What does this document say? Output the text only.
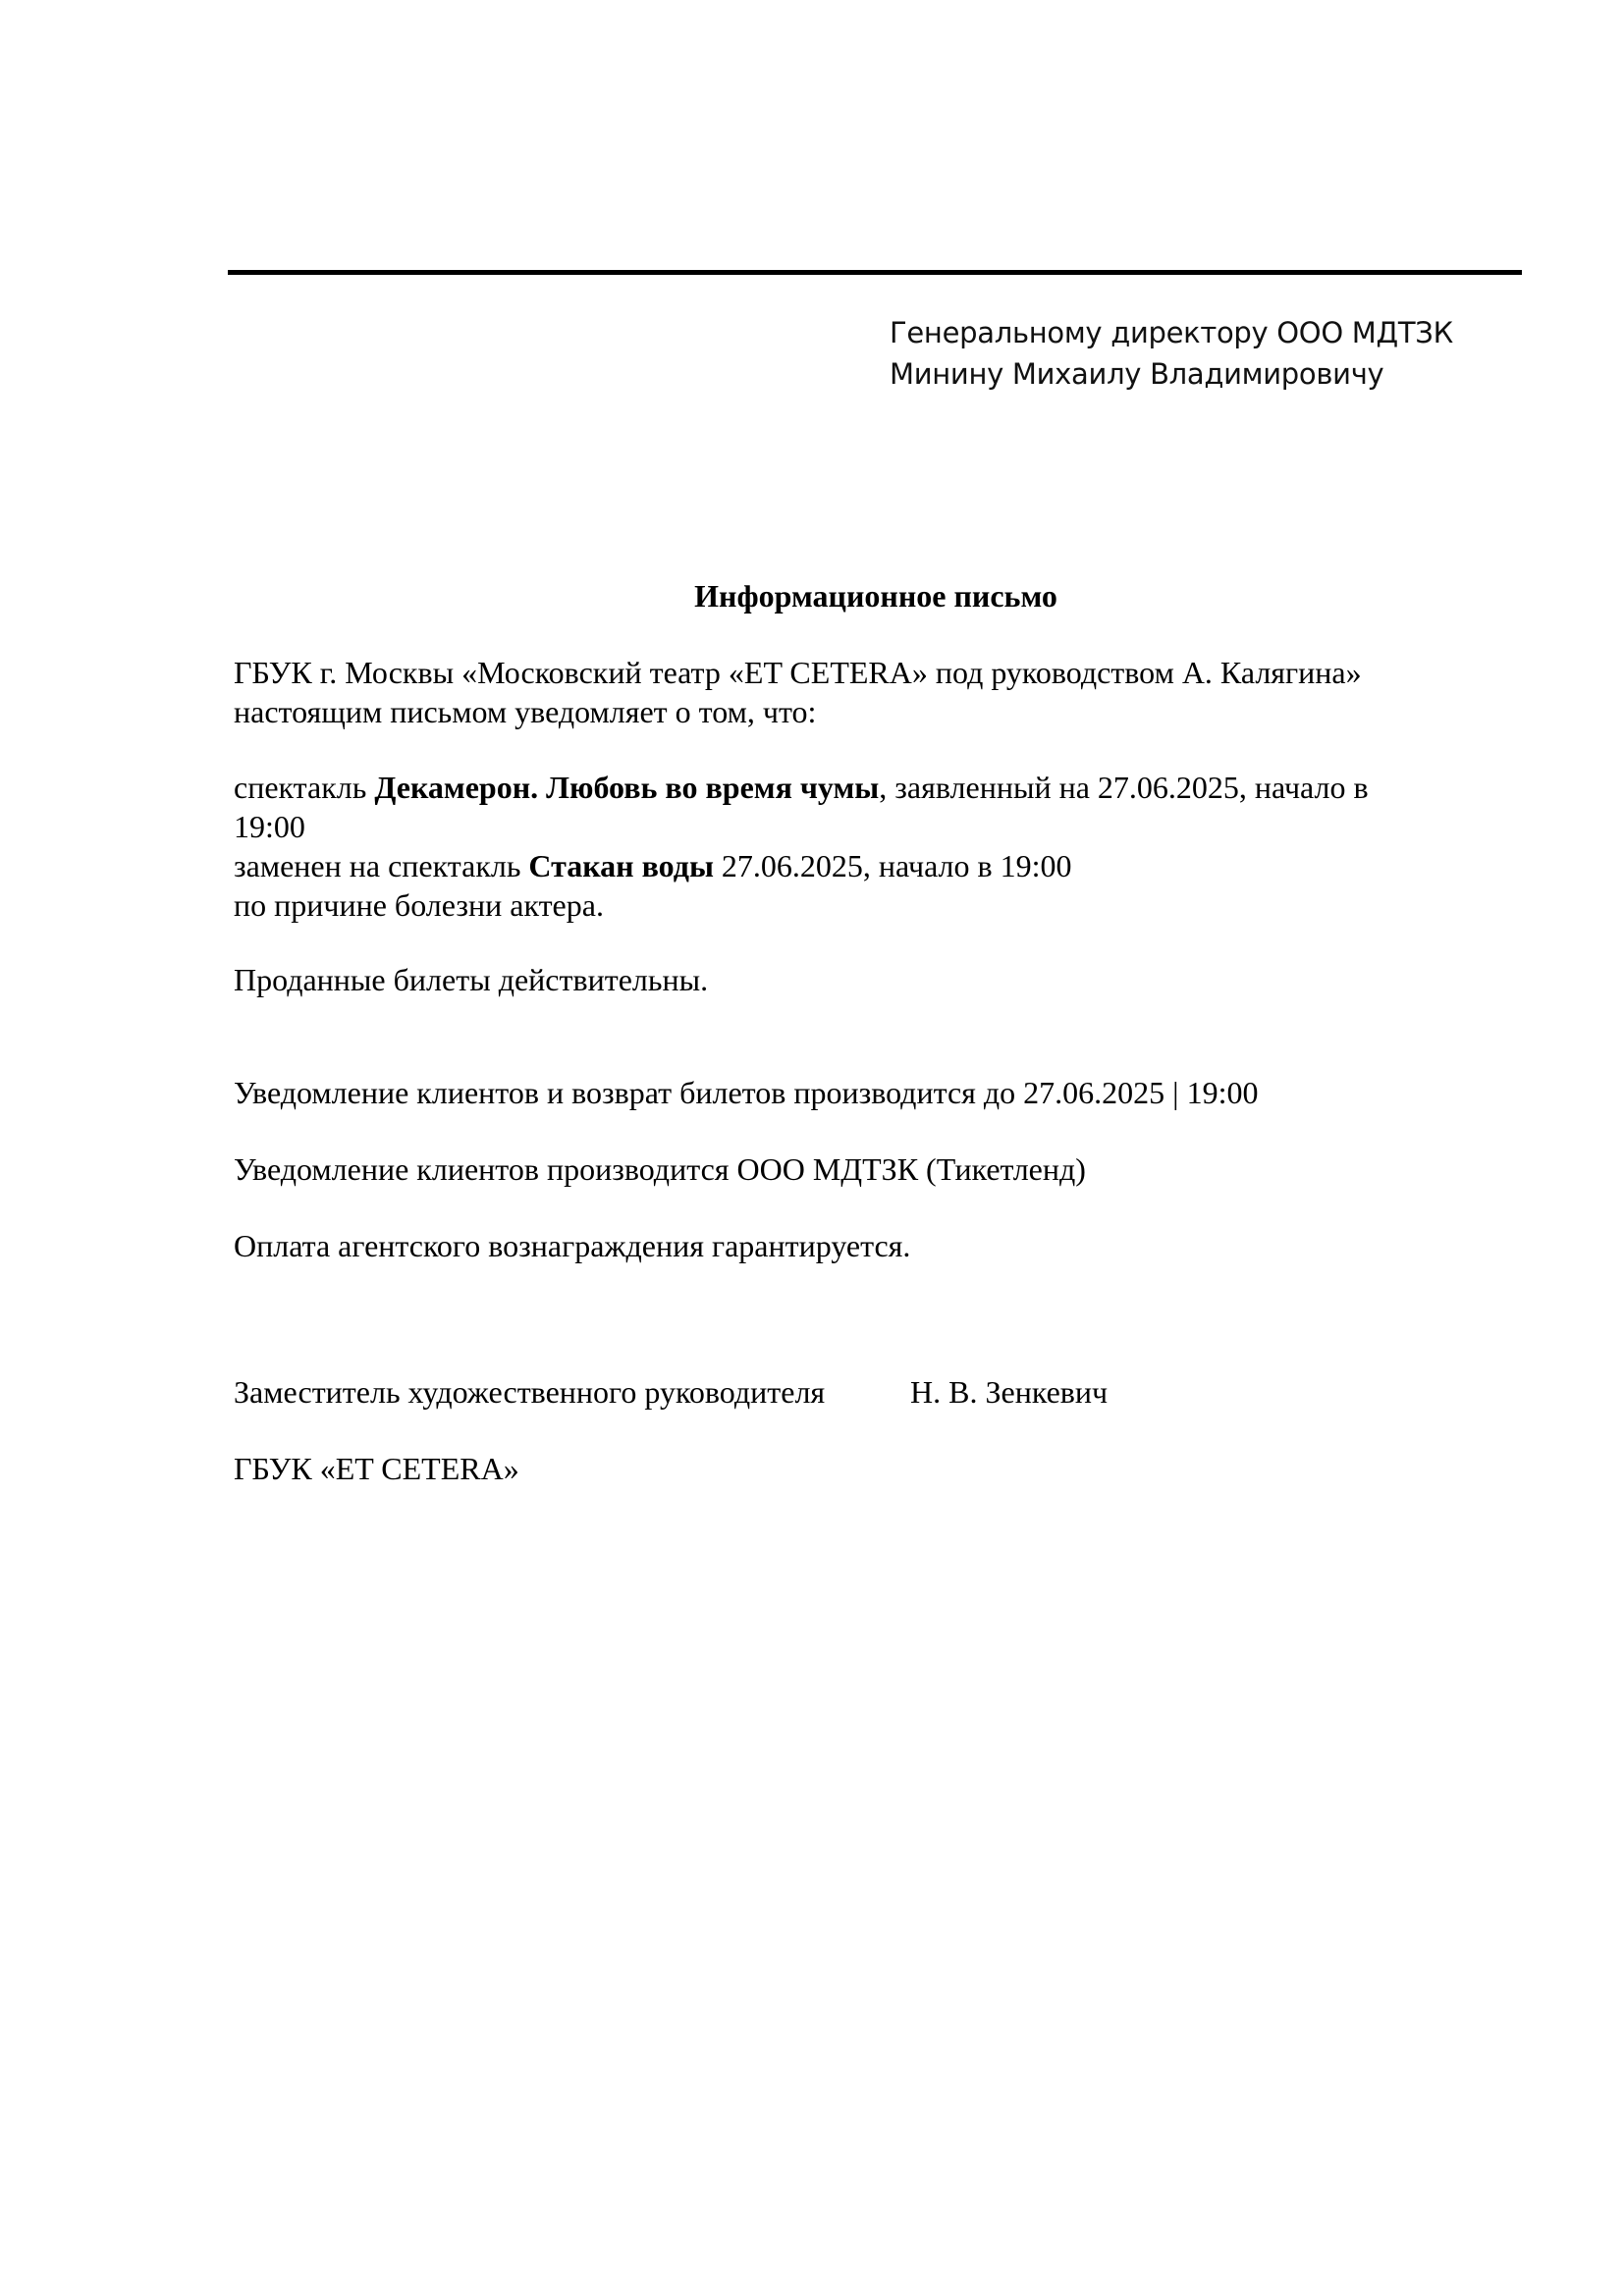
Генеральному директору ООО МДТЗК
Минину Михаилу Владимировичу
Информационное письмо
ГБУК г. Москвы «Московский театр «ET CETERA» под руководством А. Калягина»
настоящим письмом уведомляет о том, что:
спектакль Декамерон. Любовь во время чумы, заявленный на 27.06.2025, начало в
19:00
заменен на спектакль Стакан воды 27.06.2025, начало в 19:00
по причине болезни актера.
Проданные билеты действительны.
Уведомление клиентов и возврат билетов производится до 27.06.2025 | 19:00
Уведомление клиентов производится ООО МДТЗК (Тикетленд)
Оплата агентского вознаграждения гарантируется.
Заместитель художественного руководителя	Н. В. Зенкевич
ГБУК «ET CETERA»
